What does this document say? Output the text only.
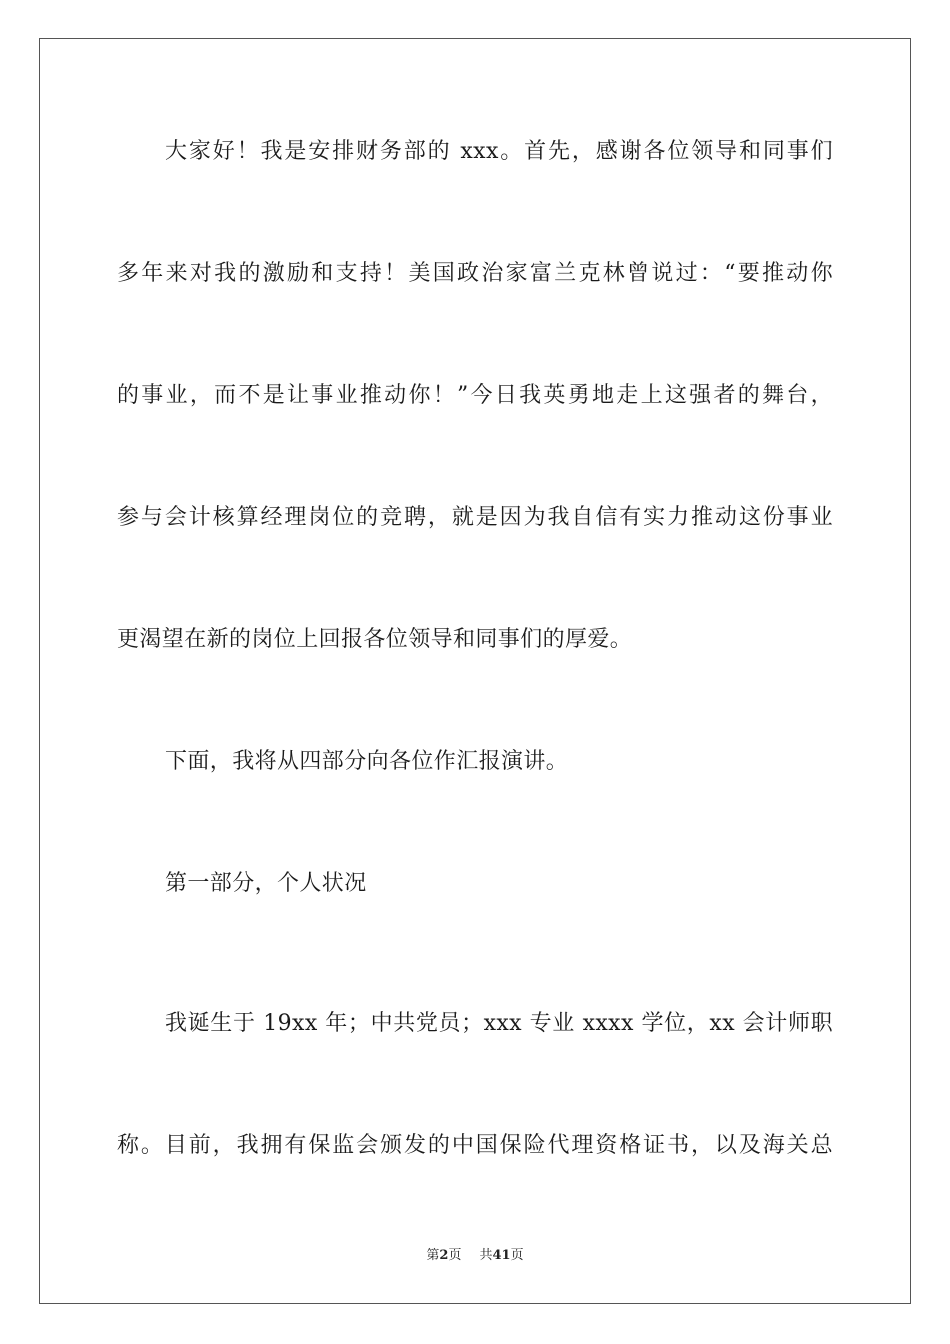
大家好！我是安排财务部的 xxx。首先，感谢各位领导和同事们
多年来对我的激励和支持！美国政治家富兰克林曾说过：“要推动你
的事业，而不是让事业推动你！”今日我英勇地走上这强者的舞台，
参与会计核算经理岗位的竞聘，就是因为我自信有实力推动这份事业
更渴望在新的岗位上回报各位领导和同事们的厚爱。
下面，我将从四部分向各位作汇报演讲。
第一部分，个人状况
我诞生于 19xx 年；中共党员；xxx 专业 xxxx 学位，xx 会计师职
称。目前，我拥有保监会颁发的中国保险代理资格证书，以及海关总
第2页 共41页
